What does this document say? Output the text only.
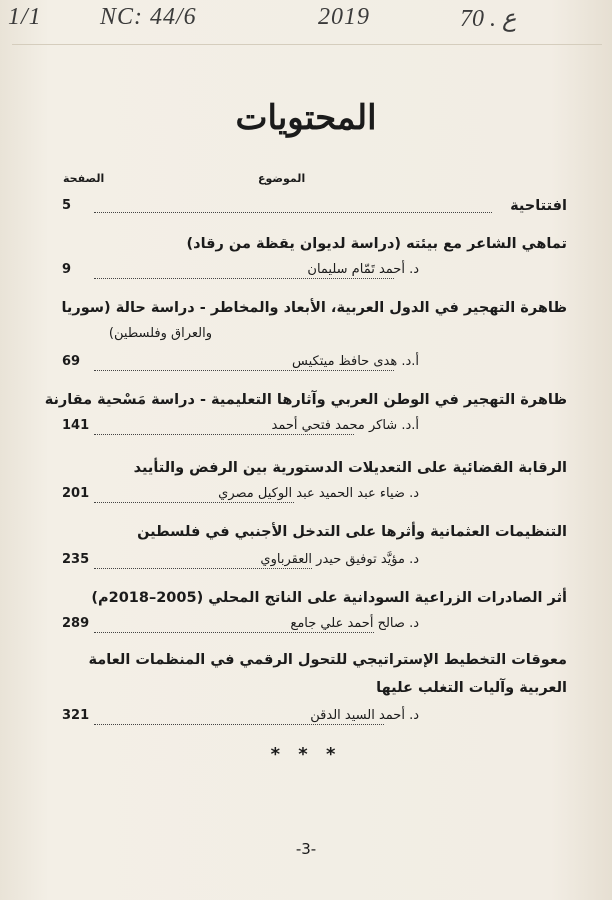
1/1 NC: 44/6	2019	ع . 70
المحتويات
الموضوع
الصفحة
افتتاحية
5
تماهي الشاعر مع بيئته (دراسة لديوان يقظة من رقاد)
د. أحمد تَمّام سليمان
9
ظاهرة التهجير في الدول العربية، الأبعاد والمخاطر - دراسة حالة (سوريا
والعراق وفلسطين)
أ.د. هدى حافظ ميتكيس
69
ظاهرة التهجير في الوطن العربي وآثارها التعليمية - دراسة مَسْحية مقارنة
أ.د. شاكر محمد فتحي أحمد
141
الرقابة القضائية على التعديلات الدستورية بين الرفض والتأييد
د. ضياء عبد الحميد عبد الوكيل مصري
201
التنظيمات العثمانية وأثرها على التدخل الأجنبي في فلسطين
د. مؤيَّد توفيق حيدر العقرباوي
235
أثر الصادرات الزراعية السودانية على الناتج المحلي (2005–2018م)
د. صالح أحمد علي جامع
289
معوقات التخطيط الإستراتيجي للتحول الرقمي في المنظمات العامة
العربية وآليات التغلب عليها
د. أحمد السيد الدقن
321
* * *
-3-
